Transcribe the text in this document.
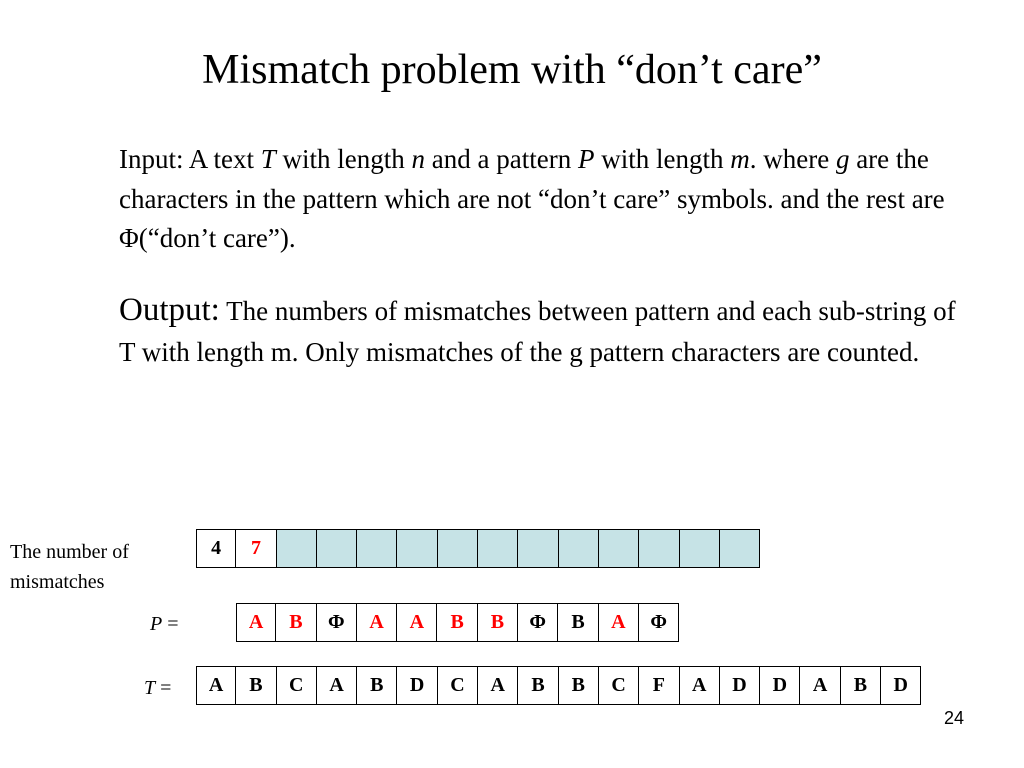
Mismatch problem with “don’t care”
Input: A text T with length n and a pattern P with length m. where g are the characters in the pattern which are not “don’t care” symbols. and the rest are Φ(“don’t care”).
Output: The numbers of mismatches between pattern and each sub-string of T with length m. Only mismatches of the g pattern characters are counted.
The number of mismatches
4	7
P =	A	B	Φ	A	A	B	B	Φ	B	A	Φ
T =	A	B	C	A	B	D	C	A	B	B	C	F	A	D	D	A	B	D
24
